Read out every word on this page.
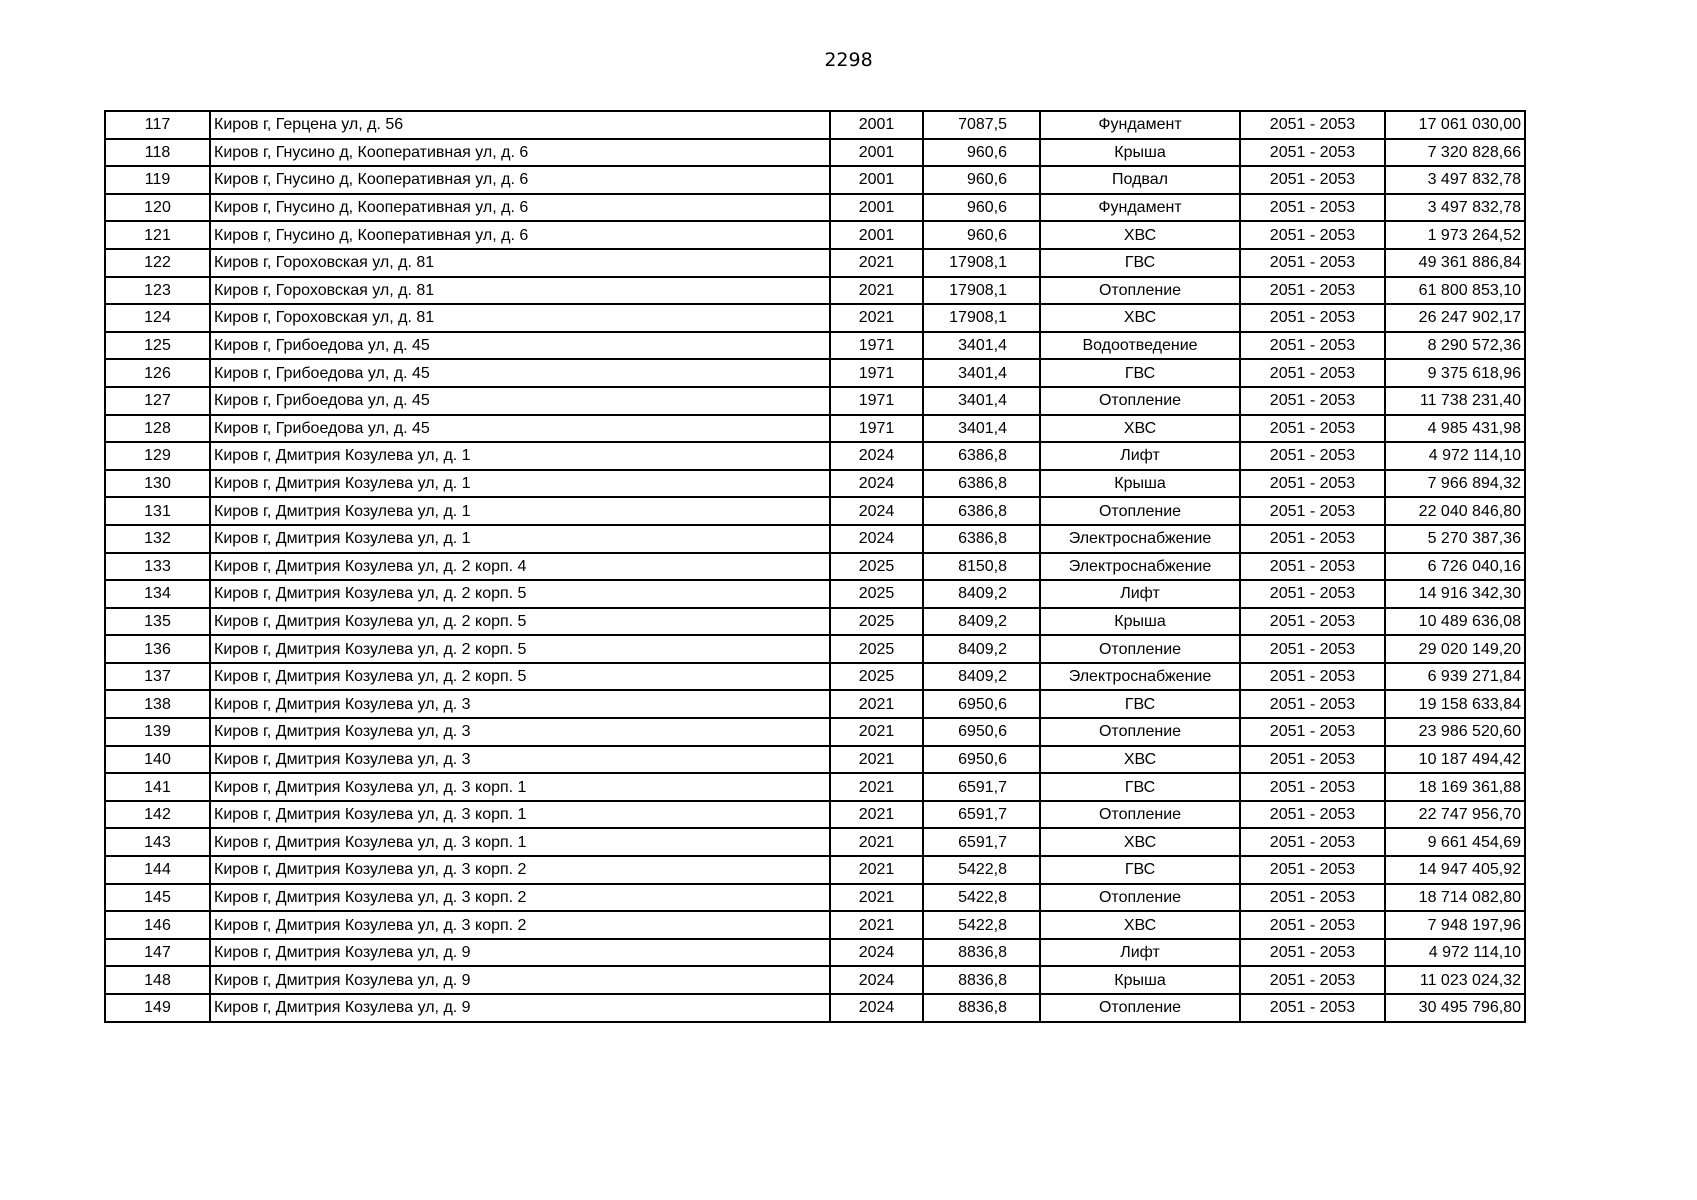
2298
117	Киров г, Герцена ул, д. 56	2001	7087,5	Фундамент	2051 - 2053	17 061 030,00
118	Киров г, Гнусино д, Кооперативная ул, д. 6	2001	960,6	Крыша	2051 - 2053	7 320 828,66
119	Киров г, Гнусино д, Кооперативная ул, д. 6	2001	960,6	Подвал	2051 - 2053	3 497 832,78
120	Киров г, Гнусино д, Кооперативная ул, д. 6	2001	960,6	Фундамент	2051 - 2053	3 497 832,78
121	Киров г, Гнусино д, Кооперативная ул, д. 6	2001	960,6	ХВС	2051 - 2053	1 973 264,52
122	Киров г, Гороховская ул, д. 81	2021	17908,1	ГВС	2051 - 2053	49 361 886,84
123	Киров г, Гороховская ул, д. 81	2021	17908,1	Отопление	2051 - 2053	61 800 853,10
124	Киров г, Гороховская ул, д. 81	2021	17908,1	ХВС	2051 - 2053	26 247 902,17
125	Киров г, Грибоедова ул, д. 45	1971	3401,4	Водоотведение	2051 - 2053	8 290 572,36
126	Киров г, Грибоедова ул, д. 45	1971	3401,4	ГВС	2051 - 2053	9 375 618,96
127	Киров г, Грибоедова ул, д. 45	1971	3401,4	Отопление	2051 - 2053	11 738 231,40
128	Киров г, Грибоедова ул, д. 45	1971	3401,4	ХВС	2051 - 2053	4 985 431,98
129	Киров г, Дмитрия Козулева ул, д. 1	2024	6386,8	Лифт	2051 - 2053	4 972 114,10
130	Киров г, Дмитрия Козулева ул, д. 1	2024	6386,8	Крыша	2051 - 2053	7 966 894,32
131	Киров г, Дмитрия Козулева ул, д. 1	2024	6386,8	Отопление	2051 - 2053	22 040 846,80
132	Киров г, Дмитрия Козулева ул, д. 1	2024	6386,8	Электроснабжение	2051 - 2053	5 270 387,36
133	Киров г, Дмитрия Козулева ул, д. 2 корп. 4	2025	8150,8	Электроснабжение	2051 - 2053	6 726 040,16
134	Киров г, Дмитрия Козулева ул, д. 2 корп. 5	2025	8409,2	Лифт	2051 - 2053	14 916 342,30
135	Киров г, Дмитрия Козулева ул, д. 2 корп. 5	2025	8409,2	Крыша	2051 - 2053	10 489 636,08
136	Киров г, Дмитрия Козулева ул, д. 2 корп. 5	2025	8409,2	Отопление	2051 - 2053	29 020 149,20
137	Киров г, Дмитрия Козулева ул, д. 2 корп. 5	2025	8409,2	Электроснабжение	2051 - 2053	6 939 271,84
138	Киров г, Дмитрия Козулева ул, д. 3	2021	6950,6	ГВС	2051 - 2053	19 158 633,84
139	Киров г, Дмитрия Козулева ул, д. 3	2021	6950,6	Отопление	2051 - 2053	23 986 520,60
140	Киров г, Дмитрия Козулева ул, д. 3	2021	6950,6	ХВС	2051 - 2053	10 187 494,42
141	Киров г, Дмитрия Козулева ул, д. 3 корп. 1	2021	6591,7	ГВС	2051 - 2053	18 169 361,88
142	Киров г, Дмитрия Козулева ул, д. 3 корп. 1	2021	6591,7	Отопление	2051 - 2053	22 747 956,70
143	Киров г, Дмитрия Козулева ул, д. 3 корп. 1	2021	6591,7	ХВС	2051 - 2053	9 661 454,69
144	Киров г, Дмитрия Козулева ул, д. 3 корп. 2	2021	5422,8	ГВС	2051 - 2053	14 947 405,92
145	Киров г, Дмитрия Козулева ул, д. 3 корп. 2	2021	5422,8	Отопление	2051 - 2053	18 714 082,80
146	Киров г, Дмитрия Козулева ул, д. 3 корп. 2	2021	5422,8	ХВС	2051 - 2053	7 948 197,96
147	Киров г, Дмитрия Козулева ул, д. 9	2024	8836,8	Лифт	2051 - 2053	4 972 114,10
148	Киров г, Дмитрия Козулева ул, д. 9	2024	8836,8	Крыша	2051 - 2053	11 023 024,32
149	Киров г, Дмитрия Козулева ул, д. 9	2024	8836,8	Отопление	2051 - 2053	30 495 796,80
